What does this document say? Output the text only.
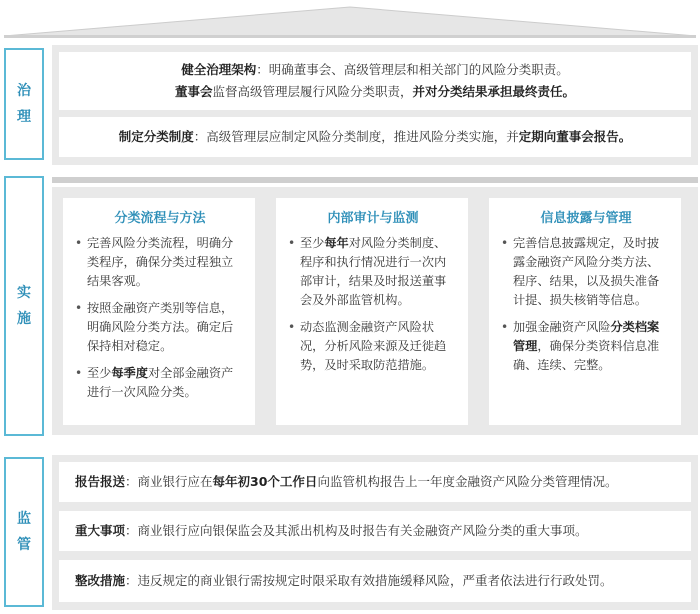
治
理
健全治理架构：明确董事会、高级管理层和相关部门的风险分类职责。
董事会监督高级管理层履行风险分类职责，并对分类结果承担最终责任。
制定分类制度：高级管理层应制定风险分类制度，推进风险分类实施，并定期向董事会报告。
实
施
分类流程与方法
• 完善风险分类流程，明确分类程序，确保分类过程独立结果客观。
• 按照金融资产类别等信息，明确风险分类方法。确定后保持相对稳定。
• 至少每季度对全部金融资产进行一次风险分类。
内部审计与监测
• 至少每年对风险分类制度、程序和执行情况进行一次内部审计，结果及时报送董事会及外部监管机构。
• 动态监测金融资产风险状况，分析风险来源及迁徙趋势，及时采取防范措施。
信息披露与管理
• 完善信息披露规定，及时披露金融资产风险分类方法、程序、结果，以及损失准备计提、损失核销等信息。
• 加强金融资产风险分类档案管理，确保分类资料信息准确、连续、完整。
监
管
报告报送：商业银行应在每年初30个工作日向监管机构报告上一年度金融资产风险分类管理情况。
重大事项：商业银行应向银保监会及其派出机构及时报告有关金融资产风险分类的重大事项。
整改措施：违反规定的商业银行需按规定时限采取有效措施缓释风险，严重者依法进行行政处罚。
